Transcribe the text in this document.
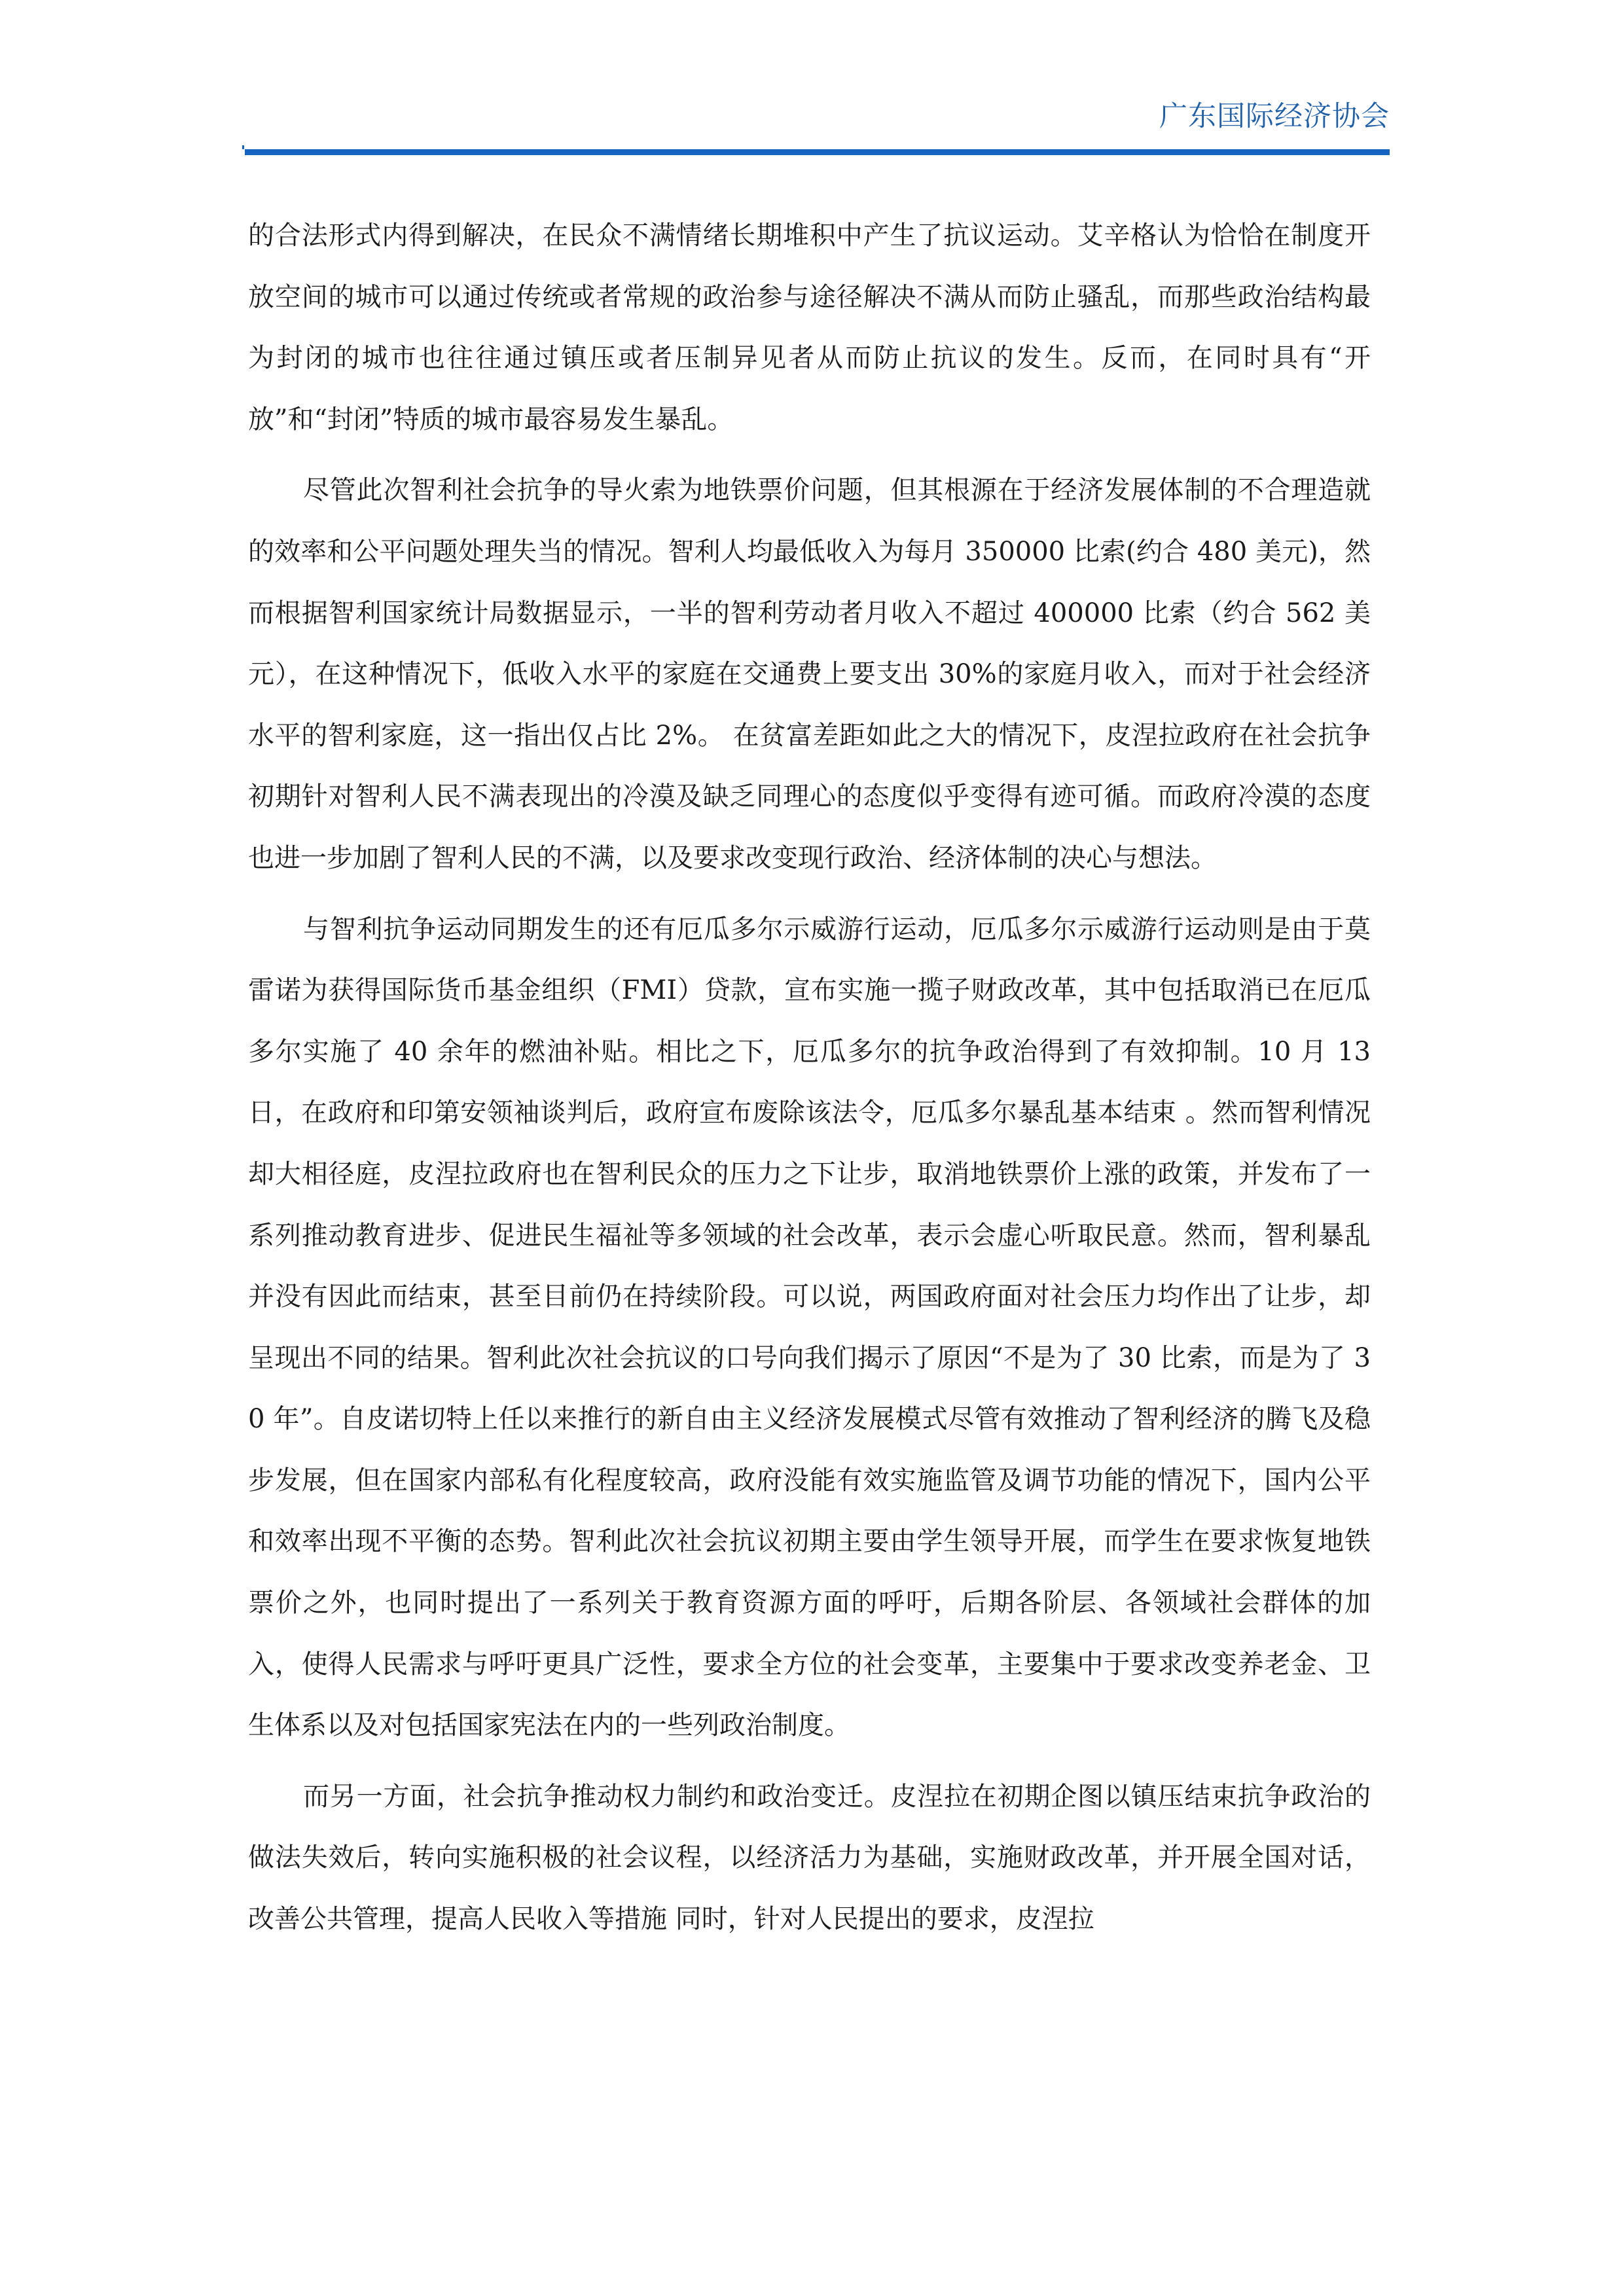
广东国际经济协会

的合法形式内得到解决，在民众不满情绪长期堆积中产生了抗议运动。艾辛格认为恰恰在制度开放空间的城市可以通过传统或者常规的政治参与途径解决不满从而防止骚乱，而那些政治结构最为封闭的城市也往往通过镇压或者压制异见者从而防止抗议的发生。反而，在同时具有“开放”和“封闭”特质的城市最容易发生暴乱。

尽管此次智利社会抗争的导火索为地铁票价问题，但其根源在于经济发展体制的不合理造就的效率和公平问题处理失当的情况。智利人均最低收入为每月 350000 比索(约合 480 美元)，然而根据智利国家统计局数据显示，一半的智利劳动者月收入不超过 400000 比索（约合 562 美元），在这种情况下，低收入水平的家庭在交通费上要支出 30%的家庭月收入，而对于社会经济水平的智利家庭，这一指出仅占比 2%。 在贫富差距如此之大的情况下，皮涅拉政府在社会抗争初期针对智利人民不满表现出的冷漠及缺乏同理心的态度似乎变得有迹可循。而政府冷漠的态度也进一步加剧了智利人民的不满，以及要求改变现行政治、经济体制的决心与想法。

与智利抗争运动同期发生的还有厄瓜多尔示威游行运动，厄瓜多尔示威游行运动则是由于莫雷诺为获得国际货币基金组织（FMI）贷款，宣布实施一揽子财政改革，其中包括取消已在厄瓜多尔实施了 40 余年的燃油补贴。相比之下，厄瓜多尔的抗争政治得到了有效抑制。10 月 13 日，在政府和印第安领袖谈判后，政府宣布废除该法令，厄瓜多尔暴乱基本结束 。然而智利情况却大相径庭，皮涅拉政府也在智利民众的压力之下让步，取消地铁票价上涨的政策，并发布了一系列推动教育进步、促进民生福祉等多领域的社会改革，表示会虚心听取民意。然而，智利暴乱并没有因此而结束，甚至目前仍在持续阶段。可以说，两国政府面对社会压力均作出了让步，却呈现出不同的结果。智利此次社会抗议的口号向我们揭示了原因“不是为了 30 比索，而是为了 30 年”。自皮诺切特上任以来推行的新自由主义经济发展模式尽管有效推动了智利经济的腾飞及稳步发展，但在国家内部私有化程度较高，政府没能有效实施监管及调节功能的情况下，国内公平和效率出现不平衡的态势。智利此次社会抗议初期主要由学生领导开展，而学生在要求恢复地铁票价之外，也同时提出了一系列关于教育资源方面的呼吁，后期各阶层、各领域社会群体的加入，使得人民需求与呼吁更具广泛性，要求全方位的社会变革，主要集中于要求改变养老金、卫生体系以及对包括国家宪法在内的一些列政治制度。

而另一方面，社会抗争推动权力制约和政治变迁。皮涅拉在初期企图以镇压结束抗争政治的做法失效后，转向实施积极的社会议程，以经济活力为基础，实施财政改革，并开展全国对话，改善公共管理，提高人民收入等措施 同时，针对人民提出的要求，皮涅拉
